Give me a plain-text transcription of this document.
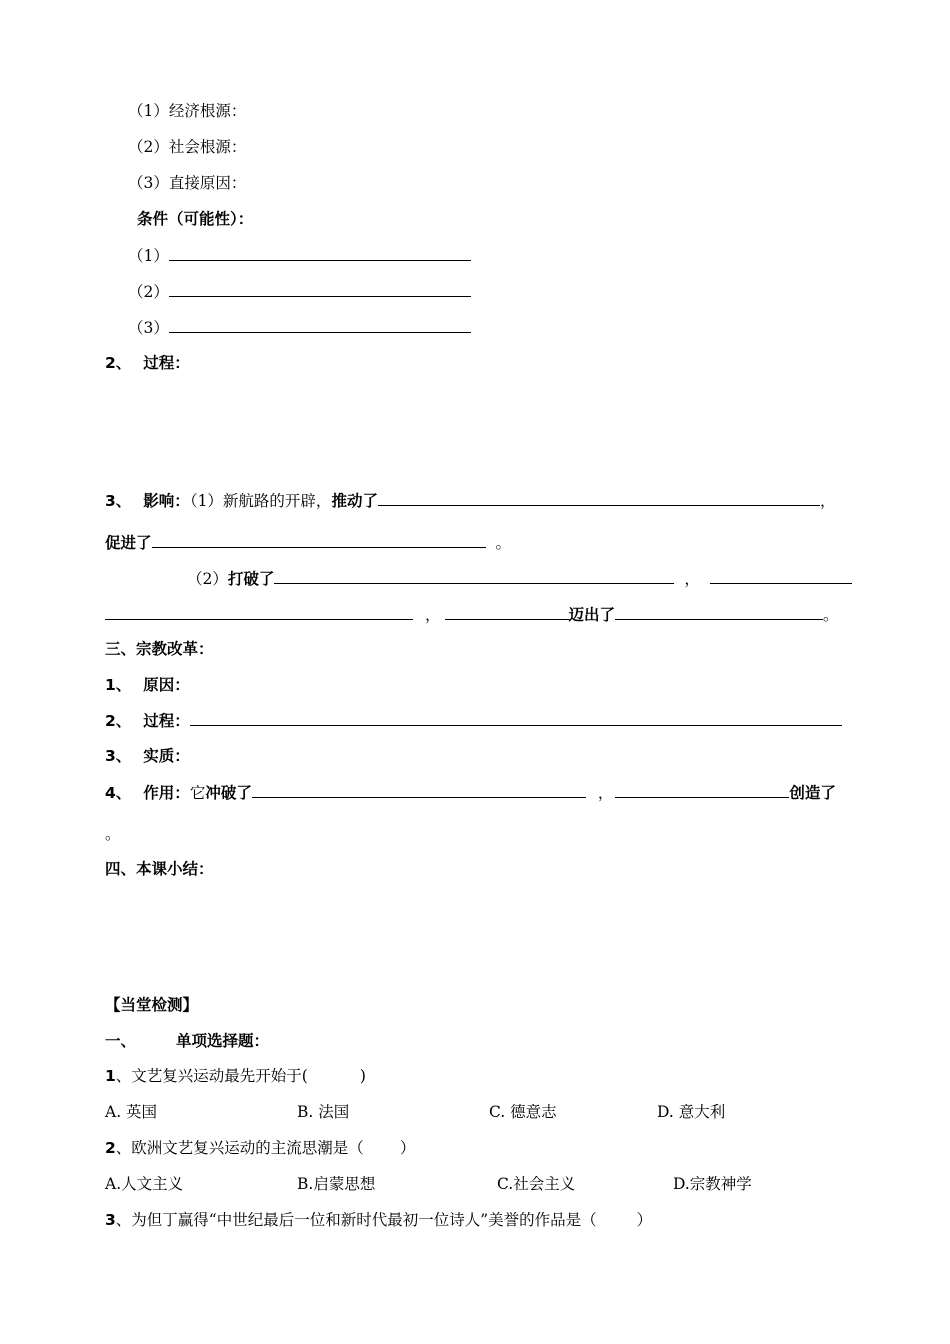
（1）经济根源：
（2）社会根源：
（3）直接原因：
条件（可能性）：
（1）
（2）
（3）
2、 过程：
3、 影响：（1）新航路的开辟，推动了	，
促进了	。
（2）打破了	，
，	迈出了	。
三、宗教改革：
1、 原因：
2、 过程：
3、 实质：
4、 作用：它冲破了	，	创造了
。
四、本课小结：
【当堂检测】
一、	单项选择题：
1、文艺复兴运动最先开始于(	)
A. 英国	B. 法国	C. 德意志	D. 意大利
2、欧洲文艺复兴运动的主流思潮是（ ）
A.人文主义	B.启蒙思想	C.社会主义	D.宗教神学
3、为但丁赢得“中世纪最后一位和新时代最初一位诗人”美誉的作品是（	）
